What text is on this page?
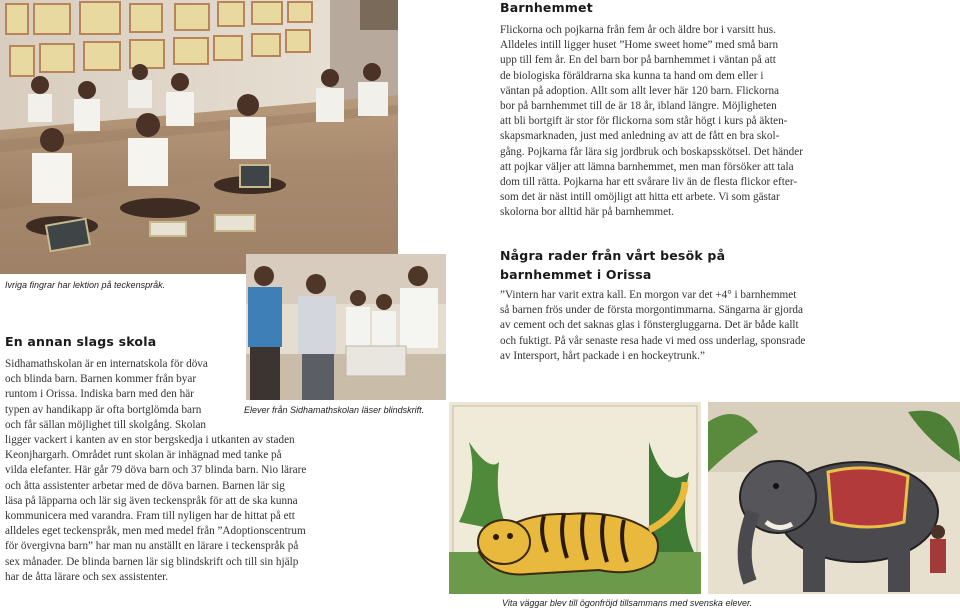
Ivriga fingrar har lektion på teckenspråk.
Elever från Sidhamathskolan läser blindskrift.
Barnhemmet

Flickorna och pojkarna från fem år och äldre bor i varsitt hus.

Alldeles intill ligger huset ”Home sweet home” med små barn

upp till fem år. En del barn bor på barnhemmet i väntan på att

de biologiska föräldrarna ska kunna ta hand om dem eller i

väntan på adoption. Allt som allt lever här 120 barn. Flickorna

bor på barnhemmet till de är 18 år, ibland längre. Möjligheten

att bli bortgift är stor för flickorna som står högt i kurs på äkten-

skapsmarknaden, just med anledning av att de fått en bra skol-

gång. Pojkarna får lära sig jordbruk och boskapsskötsel. Det händer

att pojkar väljer att lämna barnhemmet, men man försöker att tala

dom till rätta. Pojkarna har ett svårare liv än de flesta flickor efter-

som det är näst intill omöjligt att hitta ett arbete. Vi som gästar

skolorna bor alltid här på barnhemmet.

Några rader från vårt besök på

barnhemmet i Orissa

”Vintern har varit extra kall. En morgon var det +4° i barnhemmet

så barnen frös under de första morgontimmarna. Sängarna är gjorda

av cement och det saknas glas i fönstergluggarna. Det är både kallt

och fuktigt. På vår senaste resa hade vi med oss underlag, sponsrade

av Intersport, hårt packade i en hockeytrunk.”

En annan slags skola

Sidhamathskolan är en internatskola för döva

och blinda barn. Barnen kommer från byar

runtom i Orissa. Indiska barn med den här

typen av handikapp är ofta bortglömda barn

och får sällan möjlighet till skolgång. Skolan

ligger vackert i kanten av en stor bergskedja i utkanten av staden

Keonjhargarh. Området runt skolan är inhägnad med tanke på

vilda elefanter. Här går 79 döva barn och 37 blinda barn. Nio lärare

och åtta assistenter arbetar med de döva barnen. Barnen lär sig

läsa på läpparna och lär sig även teckenspråk för att de ska kunna

kommunicera med varandra. Fram till nyligen har de hittat på ett

alldeles eget teckenspråk, men med medel från ”Adoptionscentrum

för övergivna barn” har man nu anställt en lärare i teckenspråk på

sex månader. De blinda barnen lär sig blindskrift och till sin hjälp

har de åtta lärare och sex assistenter.

Vita väggar blev till ögonfröjd tillsammans med svenska elever.
